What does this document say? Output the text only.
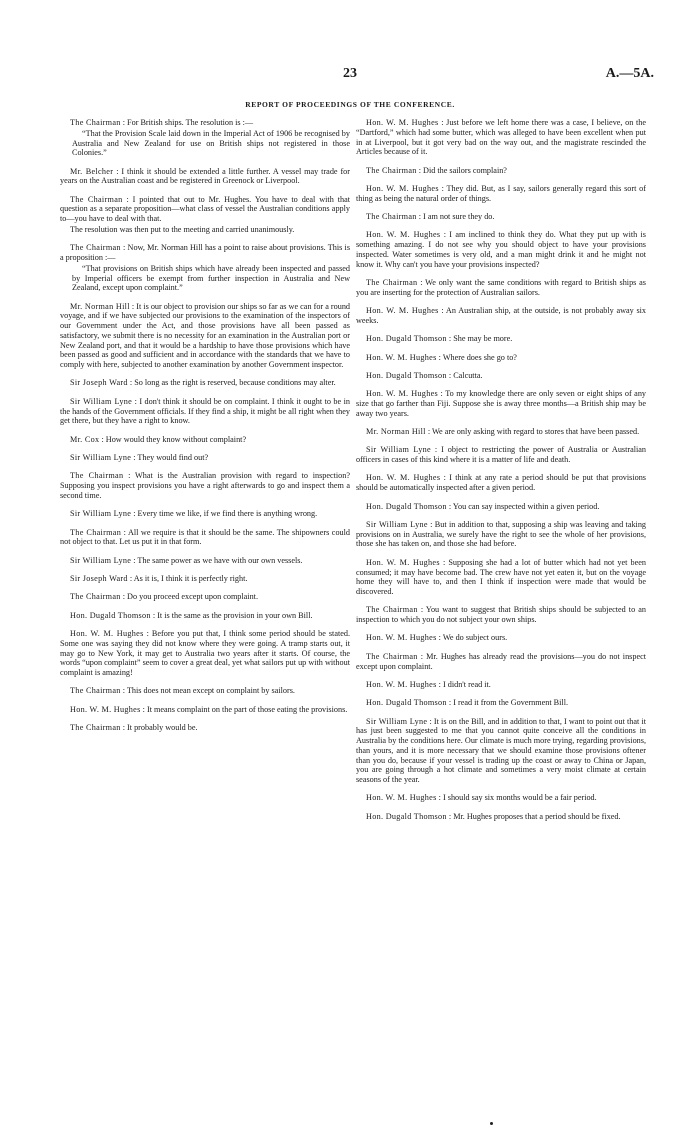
23	A.—5A.
REPORT OF PROCEEDINGS OF THE CONFERENCE.

The Chairman : For British ships. The resolution is :—
“That the Provision Scale laid down in the Imperial Act of 1906 be recognised by Australia and New Zealand for use on British ships not registered in those Colonies.”

Mr. Belcher : I think it should be extended a little further. A vessel may trade for years on the Australian coast and be registered in Greenock or Liverpool.

The Chairman : I pointed that out to Mr. Hughes. You have to deal with that question as a separate proposition—what class of vessel the Australian conditions apply to—you have to deal with that.
The resolution was then put to the meeting and carried unanimously.

The Chairman : Now, Mr. Norman Hill has a point to raise about provisions. This is a proposition :—
“That provisions on British ships which have already been inspected and passed by Imperial officers be exempt from further inspection in Australia and New Zealand, except upon complaint.”

Mr. Norman Hill : It is our object to provision our ships so far as we can for a round voyage, and if we have subjected our provisions to the examination of the inspectors of our Government under the Act, and those provisions have all been passed as satisfactory, we submit there is no necessity for an examination in the Australian port or New Zealand port, and that it would be a hardship to have those provisions which have been passed as good and sufficient and in accordance with the standards that we have to comply with here, subjected to another examination by another Government inspector.

Sir Joseph Ward : So long as the right is reserved, because conditions may alter.

Sir William Lyne : I don't think it should be on complaint. I think it ought to be in the hands of the Government officials. If they find a ship, it might be all right when they get there, but they have a right to know.

Mr. Cox : How would they know without complaint?

Sir William Lyne : They would find out?

The Chairman : What is the Australian provision with regard to inspection? Supposing you inspect provisions you have a right afterwards to go and inspect them a second time.

Sir William Lyne : Every time we like, if we find there is anything wrong.

The Chairman : All we require is that it should be the same. The shipowners could not object to that. Let us put it in that form.

Sir William Lyne : The same power as we have with our own vessels.

Sir Joseph Ward : As it is, I think it is perfectly right.

The Chairman : Do you proceed except upon complaint.

Hon. Dugald Thomson : It is the same as the provision in your own Bill.

Hon. W. M. Hughes : Before you put that, I think some period should be stated. Some one was saying they did not know where they were going. A tramp starts out, it may go to New York, it may get to Australia two years after it starts. Of course, the words “upon complaint” seem to cover a great deal, yet what sailors put up with without complaint is amazing!

The Chairman : This does not mean except on complaint by sailors.

Hon. W. M. Hughes : It means complaint on the part of those eating the provisions.

The Chairman : It probably would be.

Hon. W. M. Hughes : Just before we left home there was a case, I believe, on the “Dartford,” which had some butter, which was alleged to have been excellent when put in at Liverpool, but it got very bad on the way out, and the magistrate rescinded the Articles because of it.

The Chairman : Did the sailors complain?

Hon. W. M. Hughes : They did. But, as I say, sailors generally regard this sort of thing as being the natural order of things.

The Chairman : I am not sure they do.

Hon. W. M. Hughes : I am inclined to think they do. What they put up with is something amazing. I do not see why you should object to have your provisions inspected. Water sometimes is very old, and a man might drink it and he might not know it. Why can't you have your provisions inspected?

The Chairman : We only want the same conditions with regard to British ships as you are inserting for the protection of Australian sailors.

Hon. W. M. Hughes : An Australian ship, at the outside, is not probably away six weeks.

Hon. Dugald Thomson : She may be more.

Hon. W. M. Hughes : Where does she go to?

Hon. Dugald Thomson : Calcutta.

Hon. W. M. Hughes : To my knowledge there are only seven or eight ships of any size that go farther than Fiji. Suppose she is away three months—a British ship may be away two years.

Mr. Norman Hill : We are only asking with regard to stores that have been passed.

Sir William Lyne : I object to restricting the power of Australia or Australian officers in cases of this kind where it is a matter of life and death.

Hon. W. M. Hughes : I think at any rate a period should be put that provisions should be automatically inspected after a given period.

Hon. Dugald Thomson : You can say inspected within a given period.

Sir William Lyne : But in addition to that, supposing a ship was leaving and taking provisions on in Australia, we surely have the right to see the whole of her provisions, those she has taken on, and those she had before.

Hon. W. M. Hughes : Supposing she had a lot of butter which had not yet been consumed; it may have become bad. The crew have not yet eaten it, but on the voyage home they will have to, and then I think if inspection were made that would be discovered.

The Chairman : You want to suggest that British ships should be subjected to an inspection to which you do not subject your own ships.

Hon. W. M. Hughes : We do subject ours.

The Chairman : Mr. Hughes has already read the provisions—you do not inspect except upon complaint.

Hon. W. M. Hughes : I didn't read it.

Hon. Dugald Thomson : I read it from the Government Bill.

Sir William Lyne : It is on the Bill, and in addition to that, I want to point out that it has just been suggested to me that you cannot quite conceive all the conditions in Australia by the conditions here. Our climate is much more trying, regarding provisions, than yours, and it is more necessary that we should examine those provisions oftener than you do, because if your vessel is trading up the coast or away to China or Japan, you are going through a hot climate and sometimes a very moist climate at certain seasons of the year.

Hon. W. M. Hughes : I should say six months would be a fair period.

Hon. Dugald Thomson : Mr. Hughes proposes that a period should be fixed.
